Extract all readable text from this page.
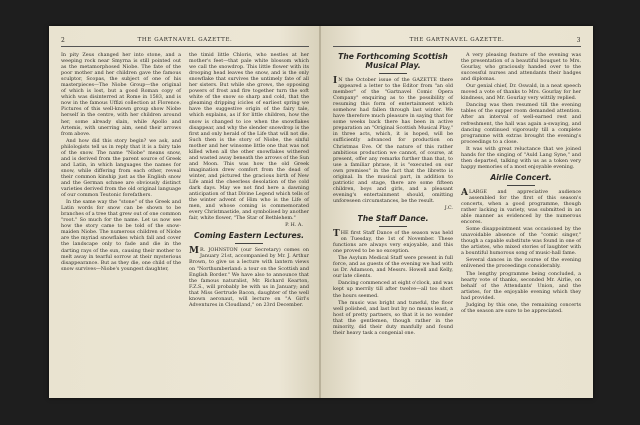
2	THE GARTNAVEL GAZETTE.

In pity Zeus changed her into stone, and a weeping rock near Smyrna is still pointed out as the metamorphosed Niobe. The fate of the poor mother and her children gave the famous sculptor, Scopas, the subject of one of his masterpieces—The Niobe Group—the original of which is lost, but a good Roman copy of which was disinterred at Rome in 1583, and is now in the famous Uffizi collection at Florence. Pictures of this well-known group show Niobe herself in the centre, with her children around her, some already slain, while Apollo and Artemis, with unerring aim, send their arrows from above.

And how did this story begin? we ask, and philologists tell us in reply that it is a fairy tale of the snow. The name "Niobe" means snow, and is derived from the parent source of Greek and Latin, in which languages the names for snow, while differing from each other, reveal their common kinship just as the English snow and the German schnee are obviously distinct varieties derived from the old original language of our common Teutonic forefathers.

In the same way the "stone" of the Greek and Latin words for snow can be shown to be branches of a tree that grew out of one common "root." So much for the name. Let us now see how the story came to be told of the snow-maiden Niobe. The numerous children of Niobe are the myriad snowflakes which fall and cover the landscape only to fade and die in the darting rays of the sun, causing their mother to melt away in tearful sorrow at their mysterious disappearance. But as they die, one child of the snow survives—Niobe's youngest daughter,

the timid little Chloris, who nestles at her mother's feet—that pale white blossom which we call the snowdrop. This little flower with its drooping head leaves the snow, and is the only snowflake that survives the untimely fate of all her sisters. But while she grows, the opposing powers of frost and fire together turn the soft white of the snow so sharp and cold, that the gleaming dripping icicles of earliest spring we have the suggestive origin of the fairy tale, which explains, as if for little children, how the snow is changed to ice when the snowflakes disappear, and why the slender snowdrop is the first and only herald of the Life that will not die. Such then is the story of Niobe, the sinful mother and her winsome little one that was not killed when all the other snowflakes withered and wasted away beneath the arrows of the Sun and Moon. This was how the old Greek imagination drew comfort from the dead of winter, and pictured the gracious birth of New Life amid the cheerless desolation of the cold dark days. May we not find here a dawning anticipation of that Divine Legend which tells of the winter advent of Him who is the Life of men, and whose coming is commemorated every Christmastide, and symbolised by another fair, white flower, "The Star of Bethlehem."

P. H. A.
Coming Eastern Lectures.

M R. JOHNSTON (our Secretary) comes on January 21st, accompanied by Mr. J. Arthur Brown, to give us a lecture with lantern views on "Northumberland: a tour on the Scottish and English Border." We have also to announce that the famous naturalist, Mr. Richard Kearton, F.Z.S., will probably be with us in January; and that Miss Gertrude Bacon, daughter of the well known aeronaut, will lecture on "A Girl's Adventures in Cloudland," on 23rd December.

THE GARTNAVEL GAZETTE.	3
The Forthcoming Scottish Musical Play.

I N the October issue of the GAZETTE there appeared a letter to the Editor from "an old member" of the "Gartnavel Comic Opera Company" enquiring as to the possibility of resuming this form of entertainment which somehow had fallen through last winter. We have therefore much pleasure in saying that for some weeks back there has been in active preparation an "Original Scottish Musical Play," in three acts, which, it is hoped, will be sufficiently advanced for production on Christmas Eve. Of the nature of this rather ambitious production we cannot, of course, at present, offer any remarks further than that, to use a familiar phrase, it is "executed on our own premises" in the fact that the libretto is original. In the musical part, in addition to patriotic and stage, there are some fifteen children, boys and girls, and a pleasant evening's entertainment should, omitting unforeseen circumstances, be the result.

J.C.
The Staff Dance.

THE first Staff Dance of the season was held on Tuesday, the 1st of November. These functions are always very enjoyable, and this one proved to be no exception.

The Asylum Medical Staff were present in full force, and as guests of the evening we had with us Dr. Adamson, and Messrs. Howell and Kelly, our late clients.

Dancing commenced at eight o'clock, and was kept up merrily till after twelve—all too short the hours seemed.

The music was bright and tuneful, the floor well polished, and last but by no means least, a host of pretty partners, so that it is no wonder that the gentlemen, though rather in the minority, did their duty manfully and found their heavy task a congenial one.

A very pleasing feature of the evening was the presentation of a beautiful bouquet to Mrs. Gourlay, who graciously handed over to the successful nurses and attendants their badges and diplomas.

Our genial chief, Dr. Oswald, in a neat speech moved a vote of thanks to Mrs. Gourlay for her kindness, and Mr. Gourlay very wittily replied.

Dancing was then resumed till the evening tables of the supper room demanded attention. After an interval of well-earned rest and refreshment, the hall was again a-swaying, and dancing continued vigorously till a complete programme with extras brought the evening's proceedings to a close.

It was with great reluctance that we joined hands for the singing of "Auld Lang Syne," and then departed, talking with us as a token very happy memories of a most enjoyable evening.

Airlie Concert.

ALARGE and appreciative audience assembled for the first of this season's concerts, when a good programme, though rather lacking in variety, was submitted in an able manner as evidenced by the numerous encores.

Some disappointment was occasioned by the unavoidable absence of the "comic singer," though a capable substitute was found in one of the artistes, who mixed stories of laughter with a bountiful humorous song of music-hall fame.

Several dances in the course of the evening enlivened the proceedings considerably.

The lengthy programme being concluded, a hearty vote of thanks, seconded Mr. Airlie, on behalf of the Attendants' Union, and the artistes, for the enjoyable evening which they had provided.

Judging by this one, the remaining concerts of the season are sure to be appreciated.
